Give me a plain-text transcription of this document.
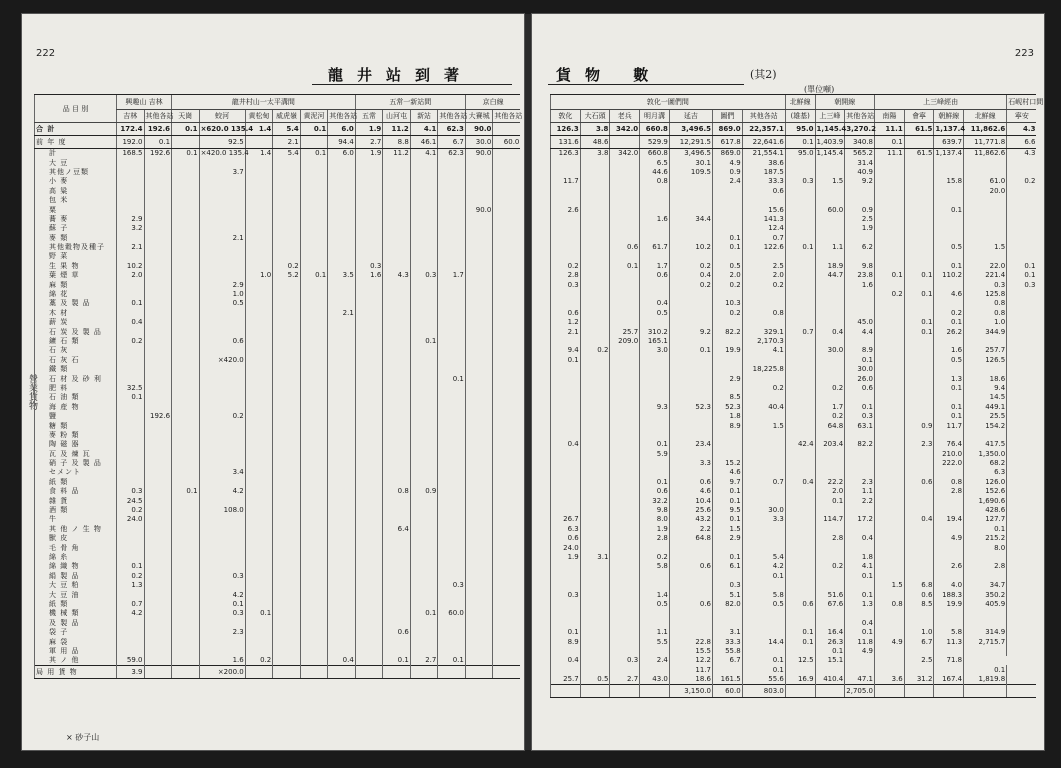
222
龍井站到著
營業貨物
品 目 別	興趣山 吉林		龍井村山一太平溝間						五常一新站間				京白線	
	吉林	其他各站	天崗	蛟河	黄松甸	威虎嶺	黄泥河	其他各站	五常	山河屯	新站	其他各站	大賽城	其他各站
合 計	172.4	192.6	0.1	×620.0 135.4	1.4	5.4	0.1	6.0	1.9	11.2	4.1	62.3	90.0	
前 年 度	192.0	0.1		92.5		2.1		94.4	2.7	8.8	46.1	6.7	30.0	60.0
計	168.5	192.6	0.1	×420.0 135.4	1.4	5.4	0.1	6.0	1.9	11.2	4.1	62.3	90.0	
大 豆														
其他ノ豆類				3.7										
小 麥														
高 粱														
包 米														
粟													90.0	
蕎 麥	2.9													
蘇 子	3.2													
麥 類				2.1										
其他穀物及種子	2.1													
野 菜														
生 果 物	10.2					0.2			0.3					
葉 煙 草	2.0				1.0	5.2	0.1	3.5	1.6	4.3	0.3	1.7		
麻 類				2.9										
綿 花				1.0										
藁 及 製 品	0.1			0.5										
木 材								2.1						
薪 炭	0.4													
石 炭 及 製 品														
鑛 石 類	0.2			0.6							0.1			
石 灰														
石 灰 石				×420.0										
鐵 類														
石 材 及 砂 利												0.1		
肥 料	32.5													
石 油 類	0.1													
海 産 物														
鹽		192.6		0.2										
糖 類														
麥 粉 類														
陶 磁 器														
瓦 及 煉 瓦														
硝 子 及 製 品														
セメント				3.4										
紙 類														
食 料 品	0.3		0.1	4.2						0.8	0.9			
雜 貨	24.5													
酒 類	0.2			108.0										
牛	24.0													
其 他 ノ 生 物										6.4				
獸 皮														
毛 骨 角														
綿 糸														
綿 織 物	0.1													
絹 製 品	0.2			0.3										
大 豆 粕	1.3											0.3		
大 豆 油				4.2										
紙 類	0.7			0.1										
機 械 類	4.2			0.3	0.1						0.1	60.0		
及 製 品														
袋 子				2.3						0.6				
麻 袋														
軍 用 品														
其 ノ 他	59.0			1.6	0.2			0.4		0.1	2.7	0.1		
局 用 貨 物	3.9			×200.0										
× 砂子山
223
貨物 數	(其2)
(單位噸)
敦化一圖們間							北鮮線	朝開線		上三峰經由				石岘村口間
敦化	大石頭	老兵	明月溝	延吉	圖們	其他各站	(雄基)	上三峰	其他各站	南陽	會寧	朝鮮線	北鮮線	寧安
126.3	3.8	342.0	660.8	3,496.5	869.0	22,357.1	95.0	1,145.4	3,270.2	11.1	61.5	1,137.4	11,862.6	4.3
131.6	48.6		529.9	12,291.5	617.8	22,641.6	0.1	1,403.9	340.8	0.1		639.7	11,771.8	6.6
126.3	3.8	342.0	660.8	3,496.5	869.0	21,554.1	95.0	1,145.4	565.2	11.1	61.5	1,137.4	11,862.6	4.3
			6.5	30.1	4.9	38.6			31.4					
			44.6	109.5	0.9	187.5			40.9					
11.7			0.8		2.4	33.3	0.3	1.5	9.2			15.8	61.0	0.2
						0.6							20.0	

2.6						15.6		60.0	0.9			0.1		
			1.6	34.4		141.3			2.5					
						12.4			1.9					
					0.1	0.7								
		0.6	61.7	10.2	0.1	122.6	0.1	1.1	6.2			0.5	1.5	

0.2		0.1	1.7	0.2	0.5	2.5		18.9	9.8			0.1	22.0	0.1
2.8			0.6	0.4	2.0	2.0		44.7	23.8	0.1	0.1	110.2	221.4	0.1
0.3				0.2	0.2	0.2			1.6				0.3	0.3
										0.2	0.1	4.6	125.8	
			0.4		10.3								0.8	
0.6			0.5		0.2	0.8						0.2	0.8	
1.2									45.0		0.1	0.1	1.0	
2.1		25.7	310.2	9.2	82.2	329.1	0.7	0.4	4.4		0.1	26.2	344.9	
		209.0	165.1			2,170.3								
9.4	0.2		3.0	0.1	19.9	4.1		30.0	8.9			1.6	257.7	
0.1									0.1			0.5	126.5	
						18,225.8			30.0					
					2.9				26.0			1.3	18.6	
						0.2		0.2	0.6			0.1	9.4	
					8.5								14.5	
			9.3	52.3	52.3	40.4		1.7	0.1			0.1	449.1	
					1.8			0.2	0.3			0.1	25.5	
					8.9	1.5		64.8	63.1		0.9	11.7	154.2	

0.4			0.1	23.4			42.4	203.4	82.2		2.3	76.4	417.5	
			5.9									210.0	1,350.0	
				3.3	15.2							222.0	68.2	
					4.6								6.3	
			0.1	0.6	9.7	0.7	0.4	22.2	2.3		0.6	0.8	126.0	
			0.6	4.6	0.1			2.0	1.1			2.8	152.6	
			32.2	10.4	0.1			0.1	2.2				1,690.6	
			9.8	25.6	9.5	30.0							428.6	
26.7			8.0	43.2	0.1	3.3		114.7	17.2		0.4	19.4	127.7	
6.3			1.9	2.2	1.5								0.1	
0.6			2.8	64.8	2.9			2.8	0.4			4.9	215.2	
24.0													8.0	
1.9	3.1		0.2		0.1	5.4			1.8					
			5.8	0.6	6.1	4.2		0.2	4.1			2.6	2.8	
						0.1			0.1					
					0.3					1.5	6.8	4.0	34.7	
0.3			1.4		5.1	5.8		51.6	0.1		0.6	188.3	350.2	
			0.5	0.6	82.0	0.5	0.6	67.6	1.3	0.8	8.5	19.9	405.9	

									0.4					
0.1			1.1		3.1		0.1	16.4	0.1		1.0	5.8	314.9	
8.9			5.5	22.8	33.3	14.4	0.1	26.3	11.8	4.9	6.7	11.3	2,715.7	
				15.5	55.8			0.1	4.9					
0.4		0.3	2.4	12.2	6.7	0.1	12.5	15.1			2.5	71.8		
				11.7		0.1							0.1	
25.7	0.5	2.7	43.0	18.6	161.5	55.6	16.9	410.4	47.1	3.6	31.2	167.4	1,819.8	
				3,150.0	60.0	803.0			2,705.0					
